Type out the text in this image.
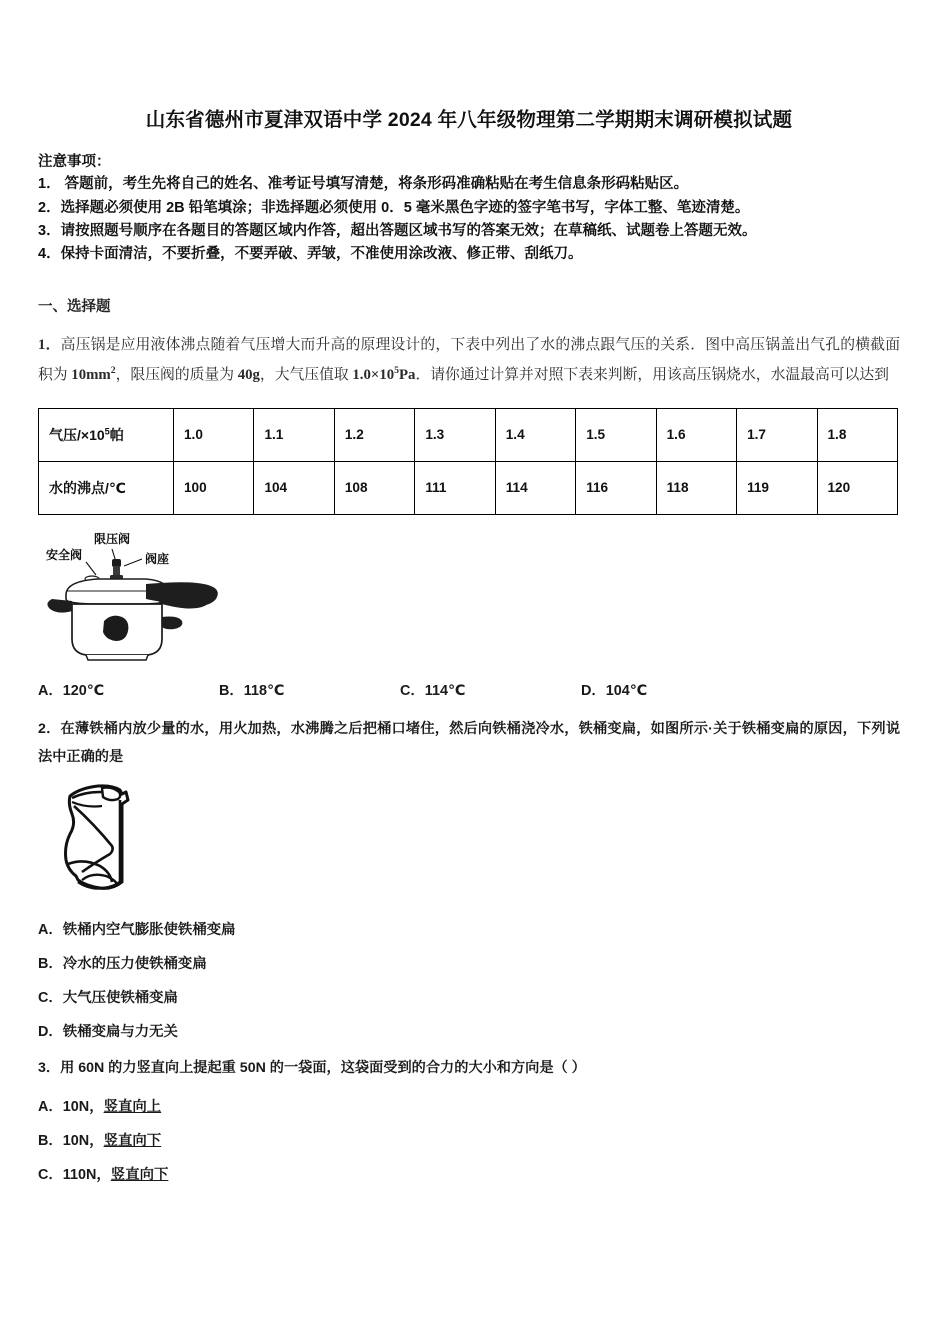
山东省德州市夏津双语中学 2024 年八年级物理第二学期期末调研模拟试题
注意事项：
1． 答题前，考生先将自己的姓名、准考证号填写清楚，将条形码准确粘贴在考生信息条形码粘贴区。
2．选择题必须使用 2B 铅笔填涂；非选择题必须使用 0．5 毫米黑色字迹的签字笔书写，字体工整、笔迹清楚。
3．请按照题号顺序在各题目的答题区域内作答，超出答题区域书写的答案无效；在草稿纸、试题卷上答题无效。
4．保持卡面清洁，不要折叠，不要弄破、弄皱，不准使用涂改液、修正带、刮纸刀。
一、选择题
1．高压锅是应用液体沸点随着气压增大而升高的原理设计的，下表中列出了水的沸点跟气压的关系．图中高压锅盖出气孔的横截面积为 $10mm^2$，限压阀的质量为 40g，大气压值取 $1.0\times 10^5Pa$．请你通过计算并对照下表来判断，用该高压锅烧水，水温最高可以达到
气压$/\times 10^5$帕	1.0	1.1	1.2	1.3	1.4	1.5	1.6	1.7	1.8
水的沸点/℃	100	104	108	111	114	116	118	119	120
限压阀
安全阀	阀座
A．120℃	B．118℃	C．114℃	D．104℃
2．在薄铁桶内放少量的水，用火加热，水沸腾之后把桶口堵住，然后向铁桶浇冷水，铁桶变扁，如图所示·关于铁桶变扁的原因，下列说法中正确的是
A．铁桶内空气膨胀使铁桶变扁
B．冷水的压力使铁桶变扁
C．大气压使铁桶变扁
D．铁桶变扁与力无关
3．用 60N 的力竖直向上提起重 50N 的一袋面，这袋面受到的合力的大小和方向是（ ）
A．10N，竖直向上
B．10N，竖直向下
C．110N，竖直向下
